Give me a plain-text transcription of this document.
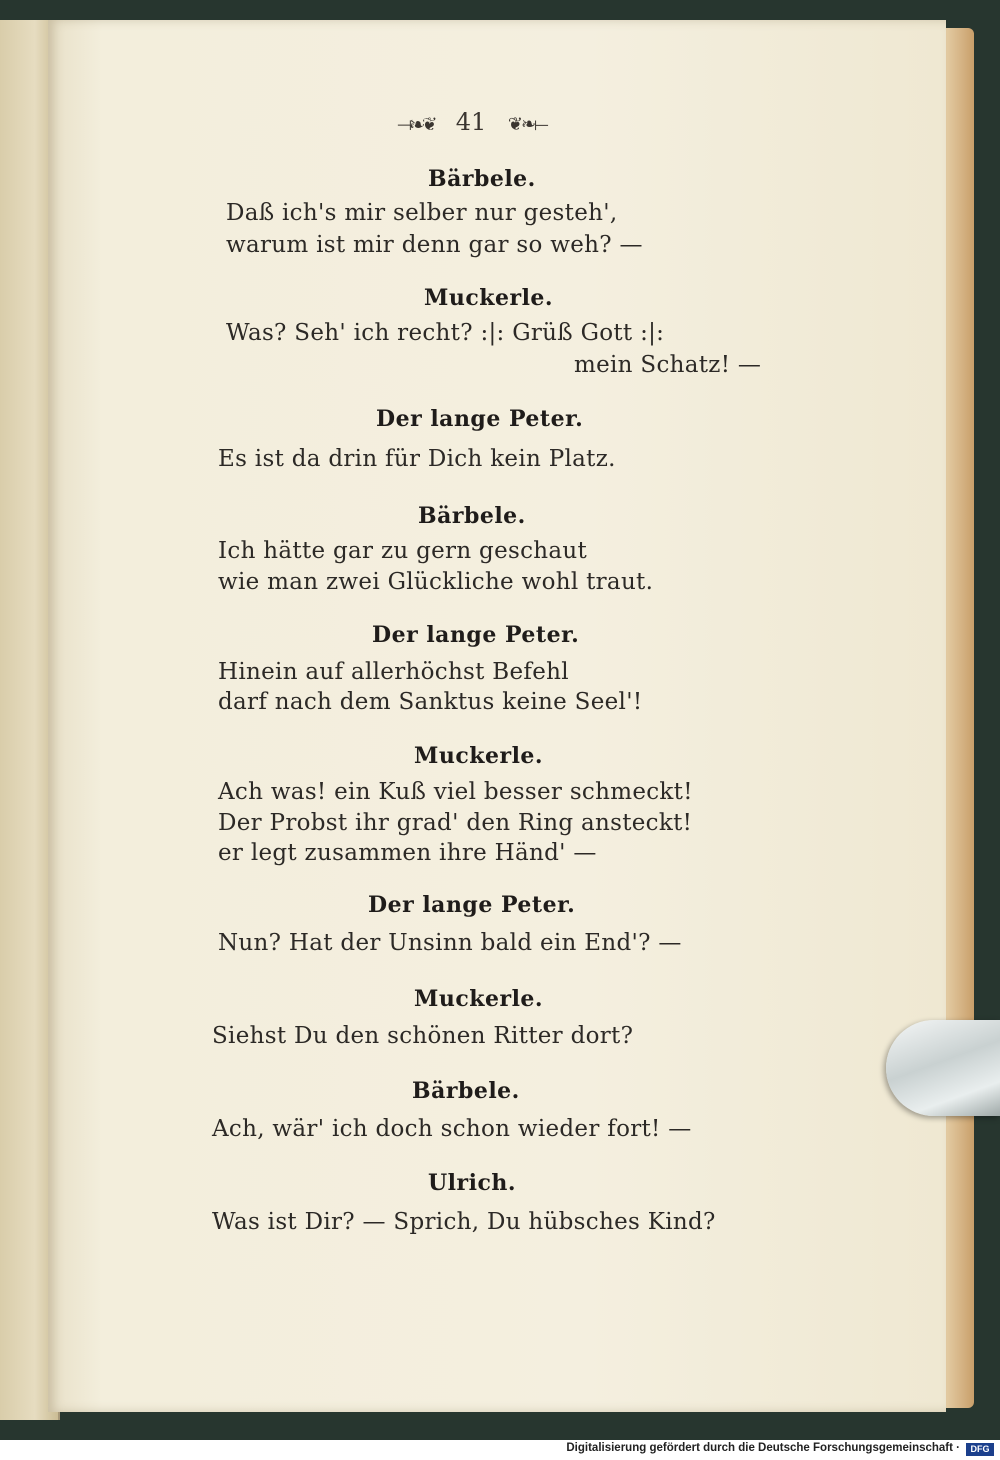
⟞❧❦ 41 ❦❧⟝
Bärbele.
Daß ich's mir selber nur gesteh',
warum ist mir denn gar so weh? —
Muckerle.
Was? Seh' ich recht? :|: Grüß Gott :|:
mein Schatz! —
Der lange Peter.
Es ist da drin für Dich kein Platz.
Bärbele.
Ich hätte gar zu gern geschaut
wie man zwei Glückliche wohl traut.
Der lange Peter.
Hinein auf allerhöchst Befehl
darf nach dem Sanktus keine Seel'!
Muckerle.
Ach was! ein Kuß viel besser schmeckt!
Der Probst ihr grad' den Ring ansteckt!
er legt zusammen ihre Händ' —
Der lange Peter.
Nun? Hat der Unsinn bald ein End'? —
Muckerle.
Siehst Du den schönen Ritter dort?
Bärbele.
Ach, wär' ich doch schon wieder fort! —
Ulrich.
Was ist Dir? — Sprich, Du hübsches Kind?
Digitalisierung gefördert durch die Deutsche Forschungsgemeinschaft ·	DFG
